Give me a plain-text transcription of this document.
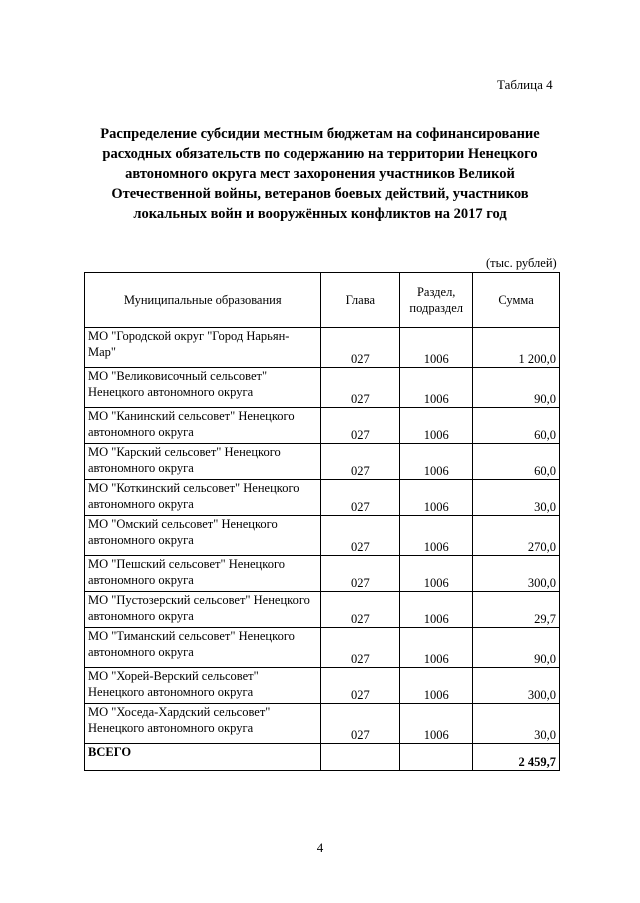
Таблица 4
Распределение субсидии местным бюджетам на софинансирование расходных обязательств по содержанию на территории Ненецкого автономного округа мест захоронения участников Великой Отечественной войны, ветеранов боевых действий, участников локальных войн и вооружённых конфликтов на 2017 год
(тыс. рублей)
Муниципальные образования	Глава	Раздел, подраздел	Сумма
МО "Городской округ "Город Нарьян-Мар"	027	1006	1 200,0
МО "Великовисочный сельсовет" Ненецкого автономного округа	027	1006	90,0
МО "Канинский сельсовет" Ненецкого автономного округа	027	1006	60,0
МО "Карский сельсовет" Ненецкого автономного округа	027	1006	60,0
МО "Коткинский сельсовет" Ненецкого автономного округа	027	1006	30,0
МО "Омский сельсовет" Ненецкого автономного округа	027	1006	270,0
МО "Пешский сельсовет" Ненецкого автономного округа	027	1006	300,0
МО "Пустозерский сельсовет" Ненецкого автономного округа	027	1006	29,7
МО "Тиманский сельсовет" Ненецкого автономного округа	027	1006	90,0
МО "Хорей-Верский сельсовет" Ненецкого автономного округа	027	1006	300,0
МО "Хоседа-Хардский сельсовет" Ненецкого автономного округа	027	1006	30,0
ВСЕГО			2 459,7
4
